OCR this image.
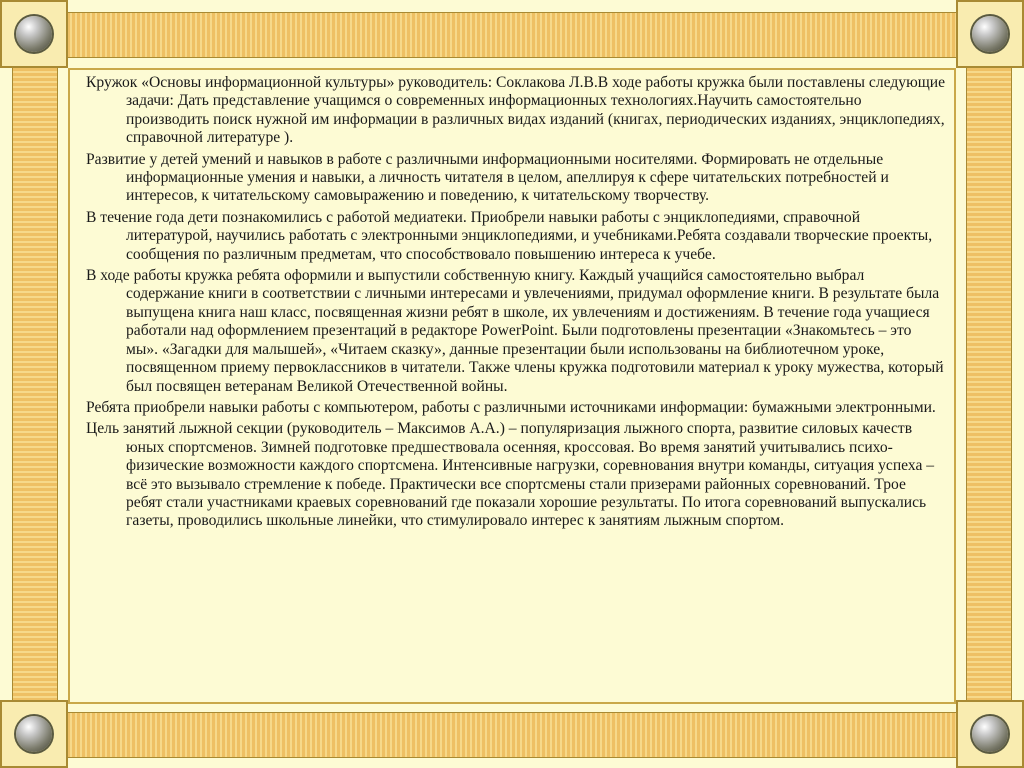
Кружок «Основы информационной культуры» руководитель: Соклакова Л.В.В ходе работы кружка были поставлены следующие задачи: Дать представление учащимся о современных информационных технологиях.Научить самостоятельно производить поиск нужной им информации в различных видах изданий (книгах, периодических изданиях, энциклопедиях, справочной литературе ).

Развитие у детей умений и навыков в работе с различными информационными носителями. Формировать не отдельные информационные умения и навыки, а личность читателя в целом, апеллируя к сфере читательских потребностей и интересов, к читательскому самовыражению и поведению, к читательскому творчеству.

В течение года дети познакомились с работой медиатеки. Приобрели навыки работы с энциклопедиями, справочной литературой, научились работать с электронными энциклопедиями, и учебниками.Ребята создавали творческие проекты, сообщения по различным предметам, что способствовало повышению интереса к учебе.

В ходе работы кружка ребята оформили и выпустили собственную книгу. Каждый учащийся самостоятельно выбрал содержание книги в соответствии с личными интересами и увлечениями, придумал оформление книги. В результате была выпущена книга наш класс, посвященная жизни ребят в школе, их увлечениям и достижениям. В течение года учащиеся работали над оформлением презентаций в редакторе PowerPoint. Были подготовлены презентации «Знакомьтесь – это мы». «Загадки для малышей», «Читаем сказку», данные презентации были использованы на библиотечном уроке, посвященном приему первоклассников в читатели. Также члены кружка подготовили материал к уроку мужества, который был посвящен ветеранам Великой Отечественной войны.

Ребята приобрели навыки работы с компьютером, работы с различными источниками информации: бумажными электронными.

Цель занятий лыжной секции (руководитель – Максимов А.А.) – популяризация лыжного спорта, развитие силовых качеств юных спортсменов. Зимней подготовке предшествовала осенняя, кроссовая. Во время занятий учитывались психо-физические возможности каждого спортсмена. Интенсивные нагрузки, соревнования внутри команды, ситуация успеха – всё это вызывало стремление к победе. Практически все спортсмены стали призерами районных соревнований. Трое ребят стали участниками краевых соревнований где показали хорошие результаты. По итога соревнований выпускались газеты, проводились школьные линейки, что стимулировало интерес к занятиям лыжным спортом.
